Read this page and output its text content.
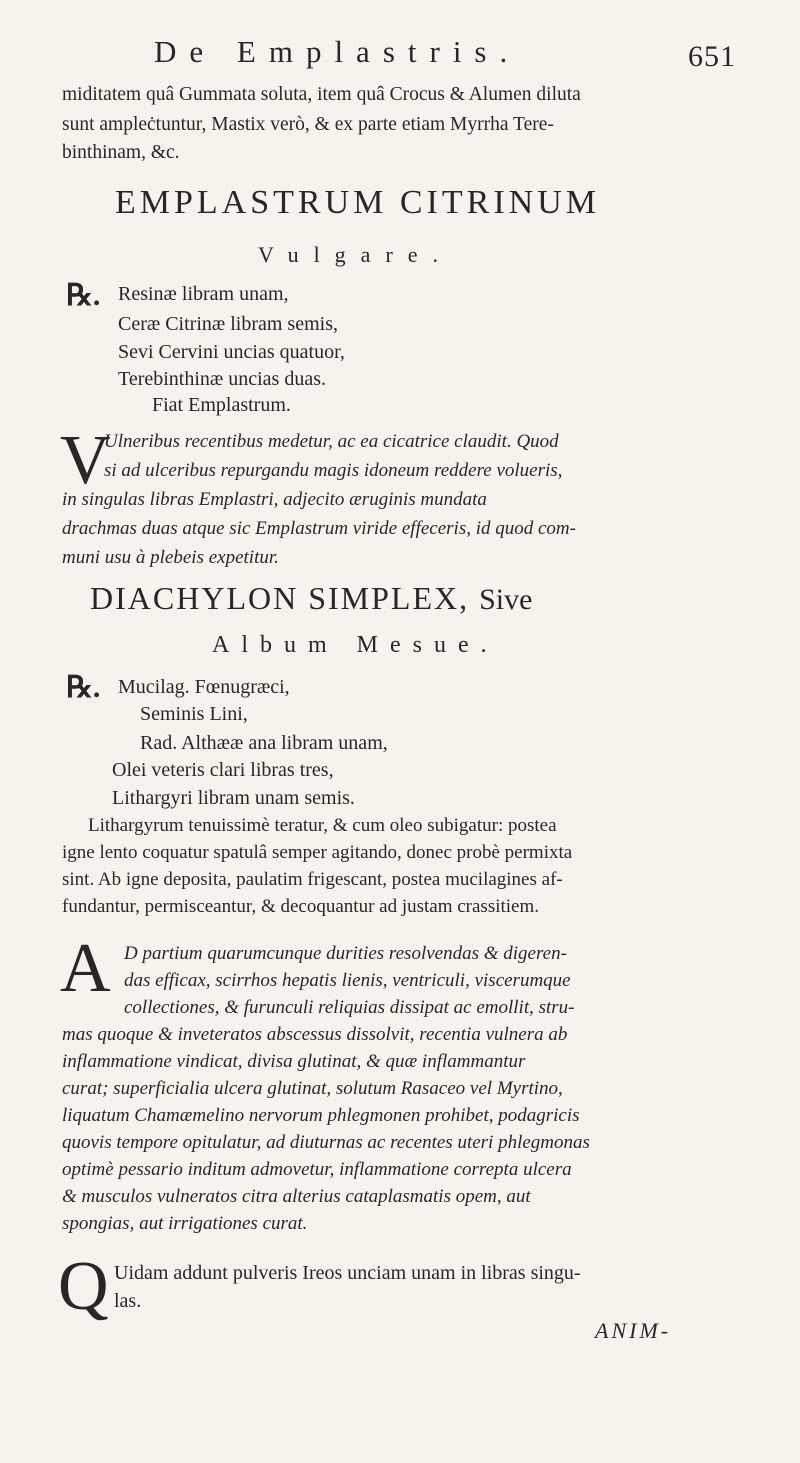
De Emplastris.	651
miditatem quâ Gummata soluta, item quâ Crocus & Alumen diluta
sunt ampleċtuntur, Mastix verò, & ex parte etiam Myrrha Tere-
binthinam, &c.
EMPLASTRUM CITRINUM
Vulgare.
℞. Resinæ libram unam,
Ceræ Citrinæ libram semis,
Sevi Cervini uncias quatuor,
Terebinthinæ uncias duas.
Fiat Emplastrum.
V
Ulneribus recentibus medetur, ac ea cicatrice claudit. Quod
si ad ulceribus repurgandu magis idoneum reddere volueris,
in singulas libras Emplastri, adjecito æruginis mundata
drachmas duas atque sic Emplastrum viride effeceris, id quod com-
muni usu à plebeis expetitur.
DIACHYLON SIMPLEX, Sive
Album Mesue.
℞. Mucilag. Fœnugræci,
Seminis Lini,
Rad. Althææ ana libram unam,
Olei veteris clari libras tres,
Lithargyri libram unam semis.
Lithargyrum tenuissimè teratur, & cum oleo subigatur: postea
igne lento coquatur spatulâ semper agitando, donec probè permixta
sint. Ab igne deposita, paulatim frigescant, postea mucilagines af-
fundantur, permisceantur, & decoquantur ad justam crassitiem.
A D partium quarumcunque durities resolvendas & digeren-
das efficax, scirrhos hepatis lienis, ventriculi, viscerumque
collectiones, & furunculi reliquias dissipat ac emollit, stru-
mas quoque & inveteratos abscessus dissolvit, recentia vulnera ab
inflammatione vindicat, divisa glutinat, & quæ inflammantur
curat; superficialia ulcera glutinat, solutum Rasaceo vel Myrtino,
liquatum Chamæmelino nervorum phlegmonen prohibet, podagricis
quovis tempore opitulatur, ad diuturnas ac recentes uteri phlegmonas
optimè pessario inditum admovetur, inflammatione correpta ulcera
& musculos vulneratos citra alterius cataplasmatis opem, aut
spongias, aut irrigationes curat.
Q Uidam addunt pulveris Ireos unciam unam in libras singu-
las.
ANIM-
